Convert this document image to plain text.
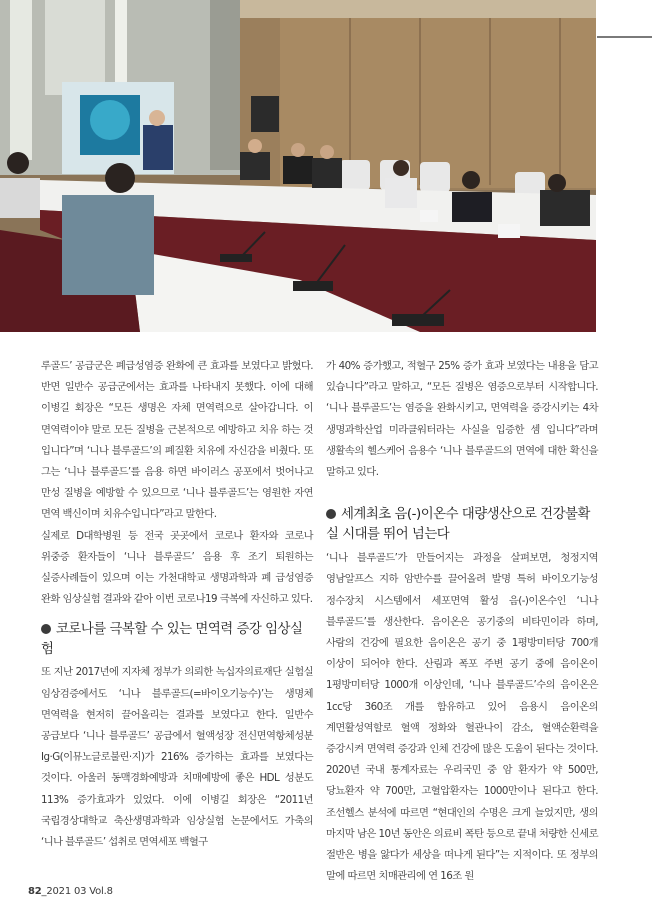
루골드’ 공급군은 폐급성염증 완화에 큰 효과를 보였다고 밝혔다. 반면 일반수 공급군에서는 효과를 나타내지 못했다. 이에 대해 이병길 회장은 “모든 생명은 자체 면역력으로 살아갑니다. 이 면역력이야 말로 모든 질병을 근본적으로 예방하고 치유 하는 것 입니다”며 ‘니나 블루골드’의 폐질환 치유에 자신감을 비췄다. 또 그는 ‘니나 블루골드’를 음용 하면 바이러스 공포에서 벗어나고 만성 질병을 예방할 수 있으므로 ‘니나 블루골드’는 영원한 자연 면역 백신이며 치유수입니다”라고 말한다.

실제로 D대학병원 등 전국 곳곳에서 코로나 환자와 코로나 위중증 환자들이 ‘니나 블루골드’ 음용 후 조기 퇴원하는 실증사례들이 있으며 이는 가천대학교 생명과학과 폐 급성염증 완화 임상실험 결과와 같아 이번 코로나19 극복에 자신하고 있다.

코로나를 극복할 수 있는 면역력 증강 임상실험

또 지난 2017년에 지자체 정부가 의뢰한 녹십자의료재단 실험실 임상검증에서도 ‘니나 블루골드(=바이오기능수)’는 생명체 면역력을 현저히 끌어올리는 결과를 보였다고 한다. 일반수 공급보다 ‘니나 블루골드’ 공급에서 혈액성장 전신면역항체성분 Ig·G(이뮤노글로불린·지)가 216% 증가하는 효과를 보였다는 것이다. 아울러 동맥경화예방과 치매예방에 좋은 HDL 성분도 113% 증가효과가 있었다. 이에 이병길 회장은 “2011년 국립경상대학교 축산생명과학과 임상실험 논문에서도 가축의 ‘니나 블루골드’ 섭취로 면역세포 백혈구

가 40% 증가했고, 적혈구 25% 증가 효과 보였다는 내용을 담고 있습니다”라고 말하고, “모든 질병은 염증으로부터 시작합니다. ‘니나 블루골드’는 염증을 완화시키고, 면역력을 증강시키는 4차 생명과학산업 미라클워터라는 사실을 입증한 셈 입니다”라며 생활속의 헬스케어 음용수 ‘니나 블루골드의 면역에 대한 확신을 말하고 있다.

세계최초 음(-)이온수 대량생산으로 건강불확실 시대를 뛰어 넘는다

‘니나 블루골드’가 만들어지는 과정을 살펴보면, 청정지역 영남알프스 지하 암반수를 끌어올려 발명 특허 바이오기능성 정수장치 시스템에서 세포면역 활성 음(-)이온수인 ‘니나 블루골드’를 생산한다. 음이온은 공기중의 비타민이라 하며, 사람의 건강에 필요한 음이온은 공기 중 1평방미터당 700개 이상이 되어야 한다. 산림과 폭포 주변 공기 중에 음이온이 1평방미터당 1000개 이상인데, ‘니나 블루골드’수의 음이온은 1cc당 360조 개를 함유하고 있어 음용시 음이온의 계면활성역할로 혈액 정화와 혈관나이 감소, 혈액순환력을 증강시켜 면역력 증강과 인체 건강에 많은 도움이 된다는 것이다. 2020년 국내 통계자료는 우리국민 중 암 환자가 약 500만, 당뇨환자 약 700만, 고혈압환자는 1000만이나 된다고 한다. 조선헬스 분석에 따르면 “현대인의 수명은 크게 늘었지만, 생의 마지막 남은 10년 동안은 의료비 폭탄 등으로 끝내 처량한 신세로 절반은 병을 앓다가 세상을 떠나게 된다”는 지적이다. 또 정부의 말에 따르면 치매관리에 연 16조 원

82_2021 03 Vol.8
